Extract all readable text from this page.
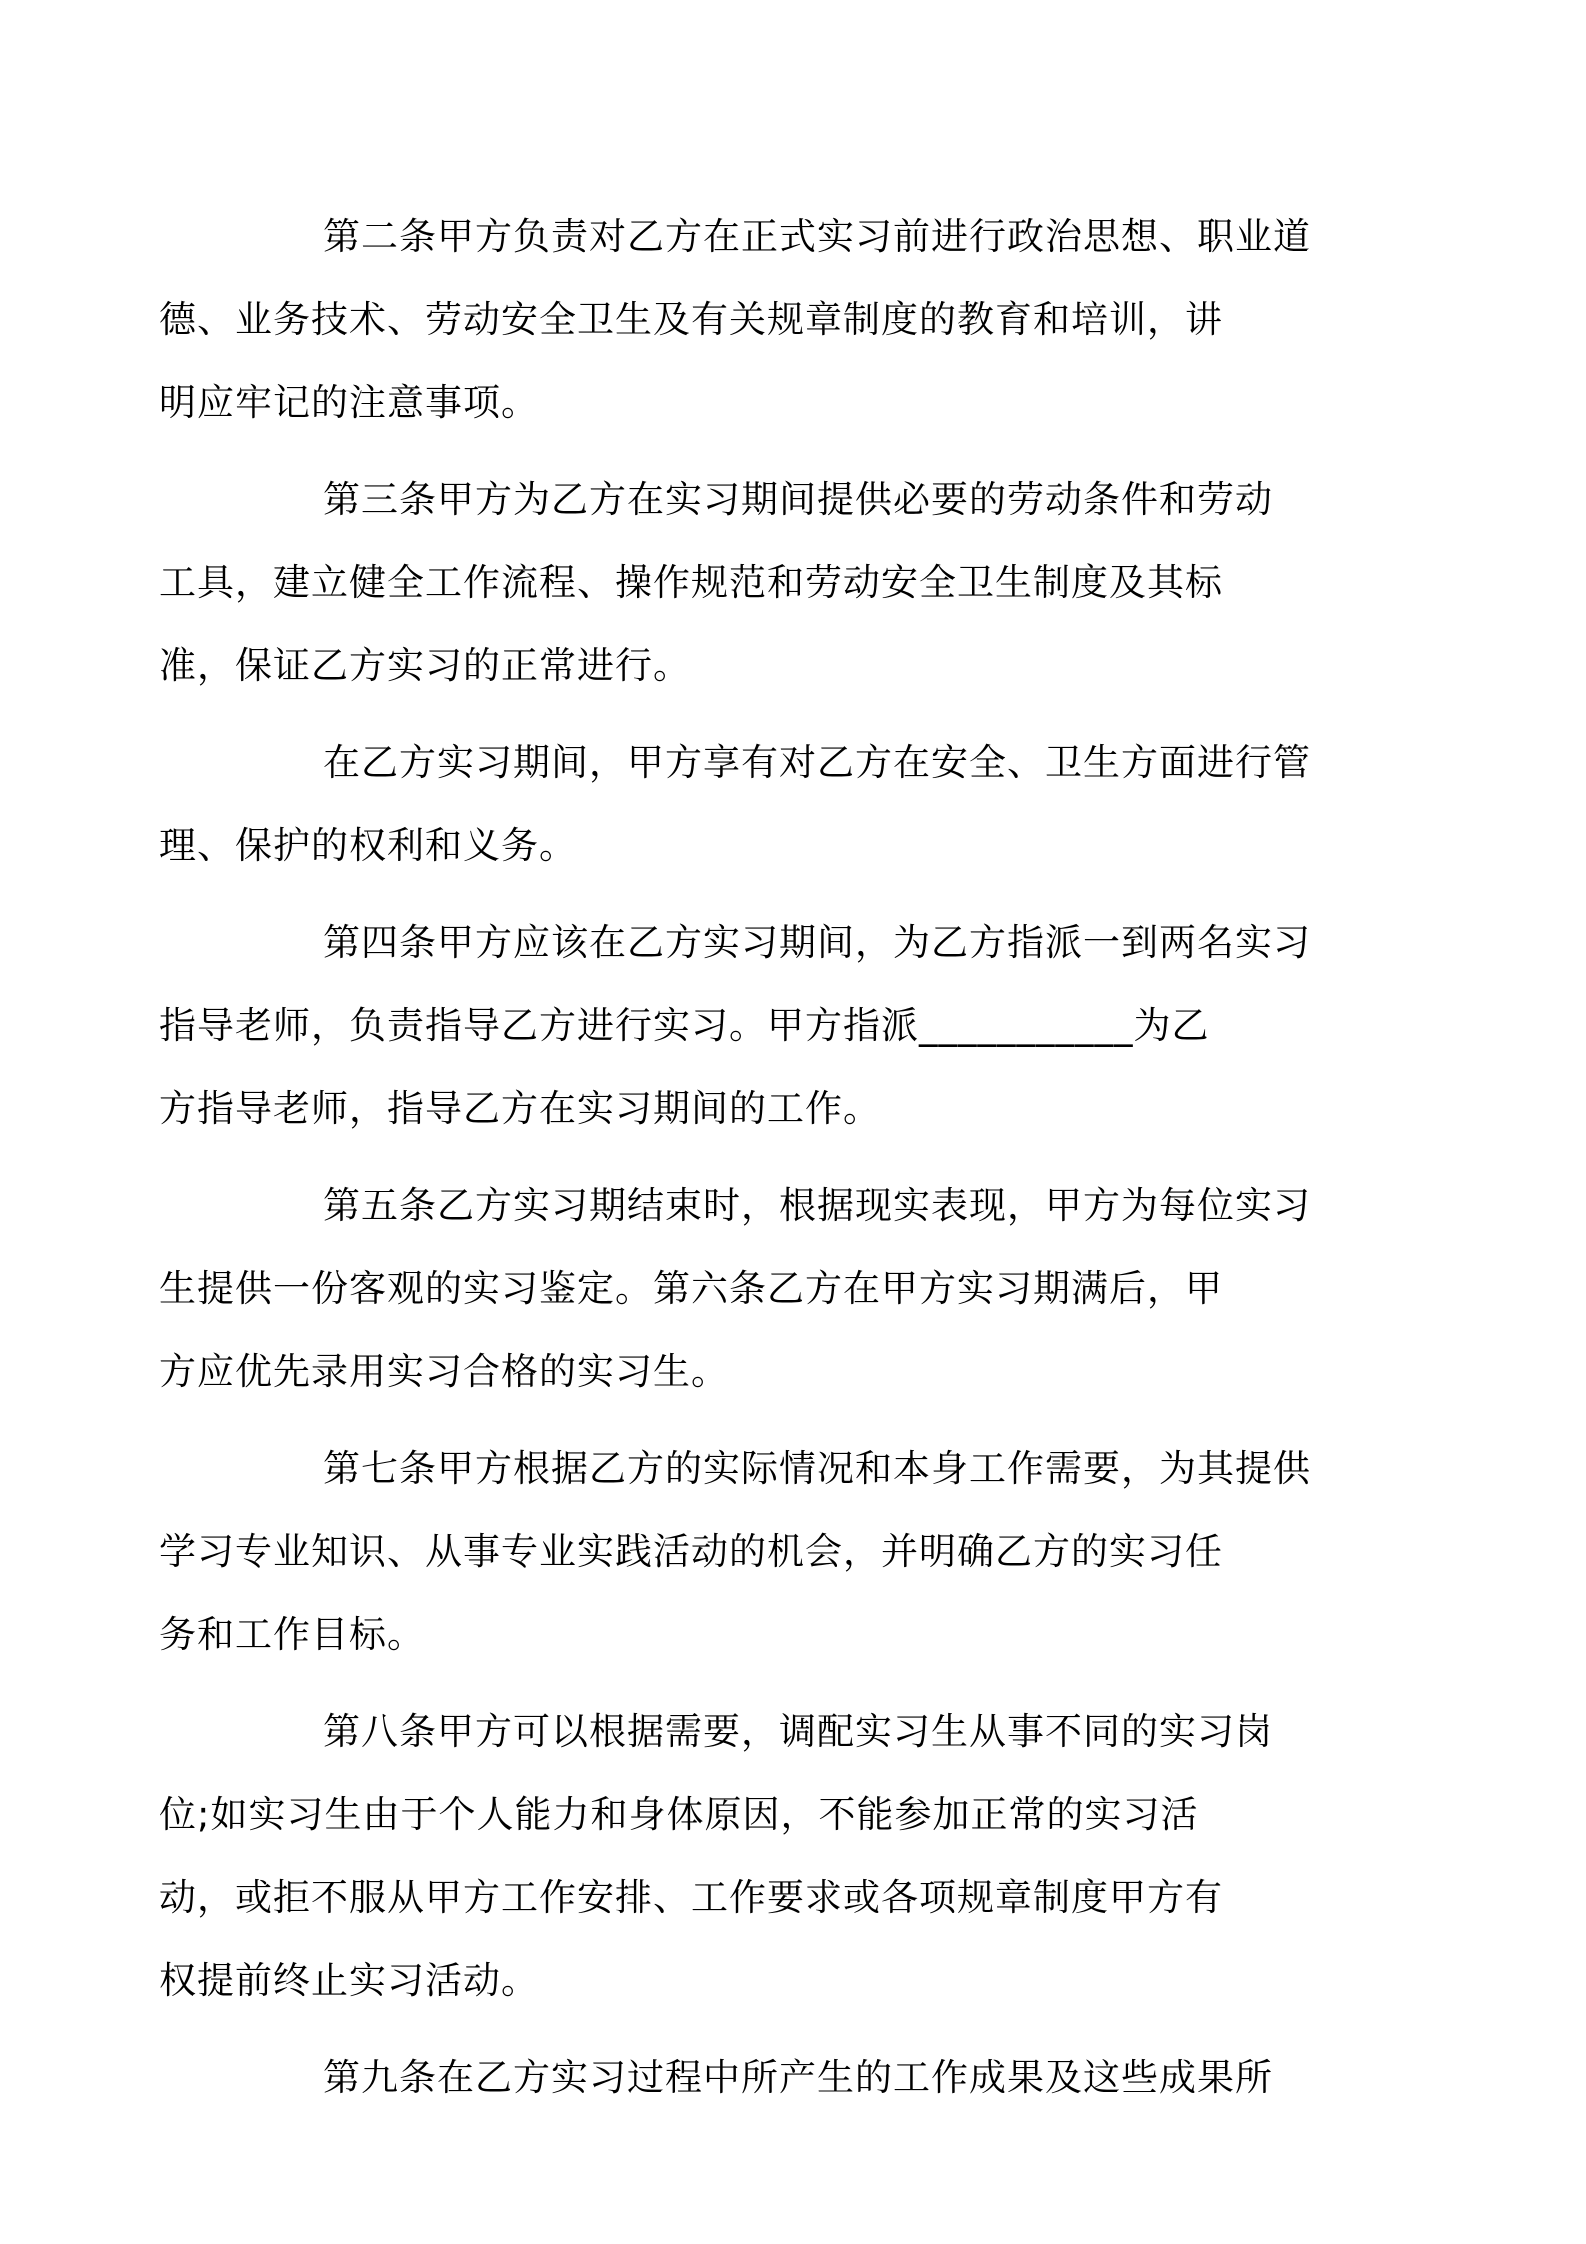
第二条甲方负责对乙方在正式实习前进行政治思想、职业道
德、业务技术、劳动安全卫生及有关规章制度的教育和培训，讲
明应牢记的注意事项。

第三条甲方为乙方在实习期间提供必要的劳动条件和劳动
工具，建立健全工作流程、操作规范和劳动安全卫生制度及其标
准，保证乙方实习的正常进行。

在乙方实习期间，甲方享有对乙方在安全、卫生方面进行管
理、保护的权利和义务。

第四条甲方应该在乙方实习期间，为乙方指派一到两名实习
指导老师，负责指导乙方进行实习。甲方指派___________为乙
方指导老师，指导乙方在实习期间的工作。

第五条乙方实习期结束时，根据现实表现，甲方为每位实习
生提供一份客观的实习鉴定。第六条乙方在甲方实习期满后，甲
方应优先录用实习合格的实习生。

第七条甲方根据乙方的实际情况和本身工作需要，为其提供
学习专业知识、从事专业实践活动的机会，并明确乙方的实习任
务和工作目标。

第八条甲方可以根据需要，调配实习生从事不同的实习岗
位;如实习生由于个人能力和身体原因，不能参加正常的实习活
动，或拒不服从甲方工作安排、工作要求或各项规章制度甲方有
权提前终止实习活动。

第九条在乙方实习过程中所产生的工作成果及这些成果所
